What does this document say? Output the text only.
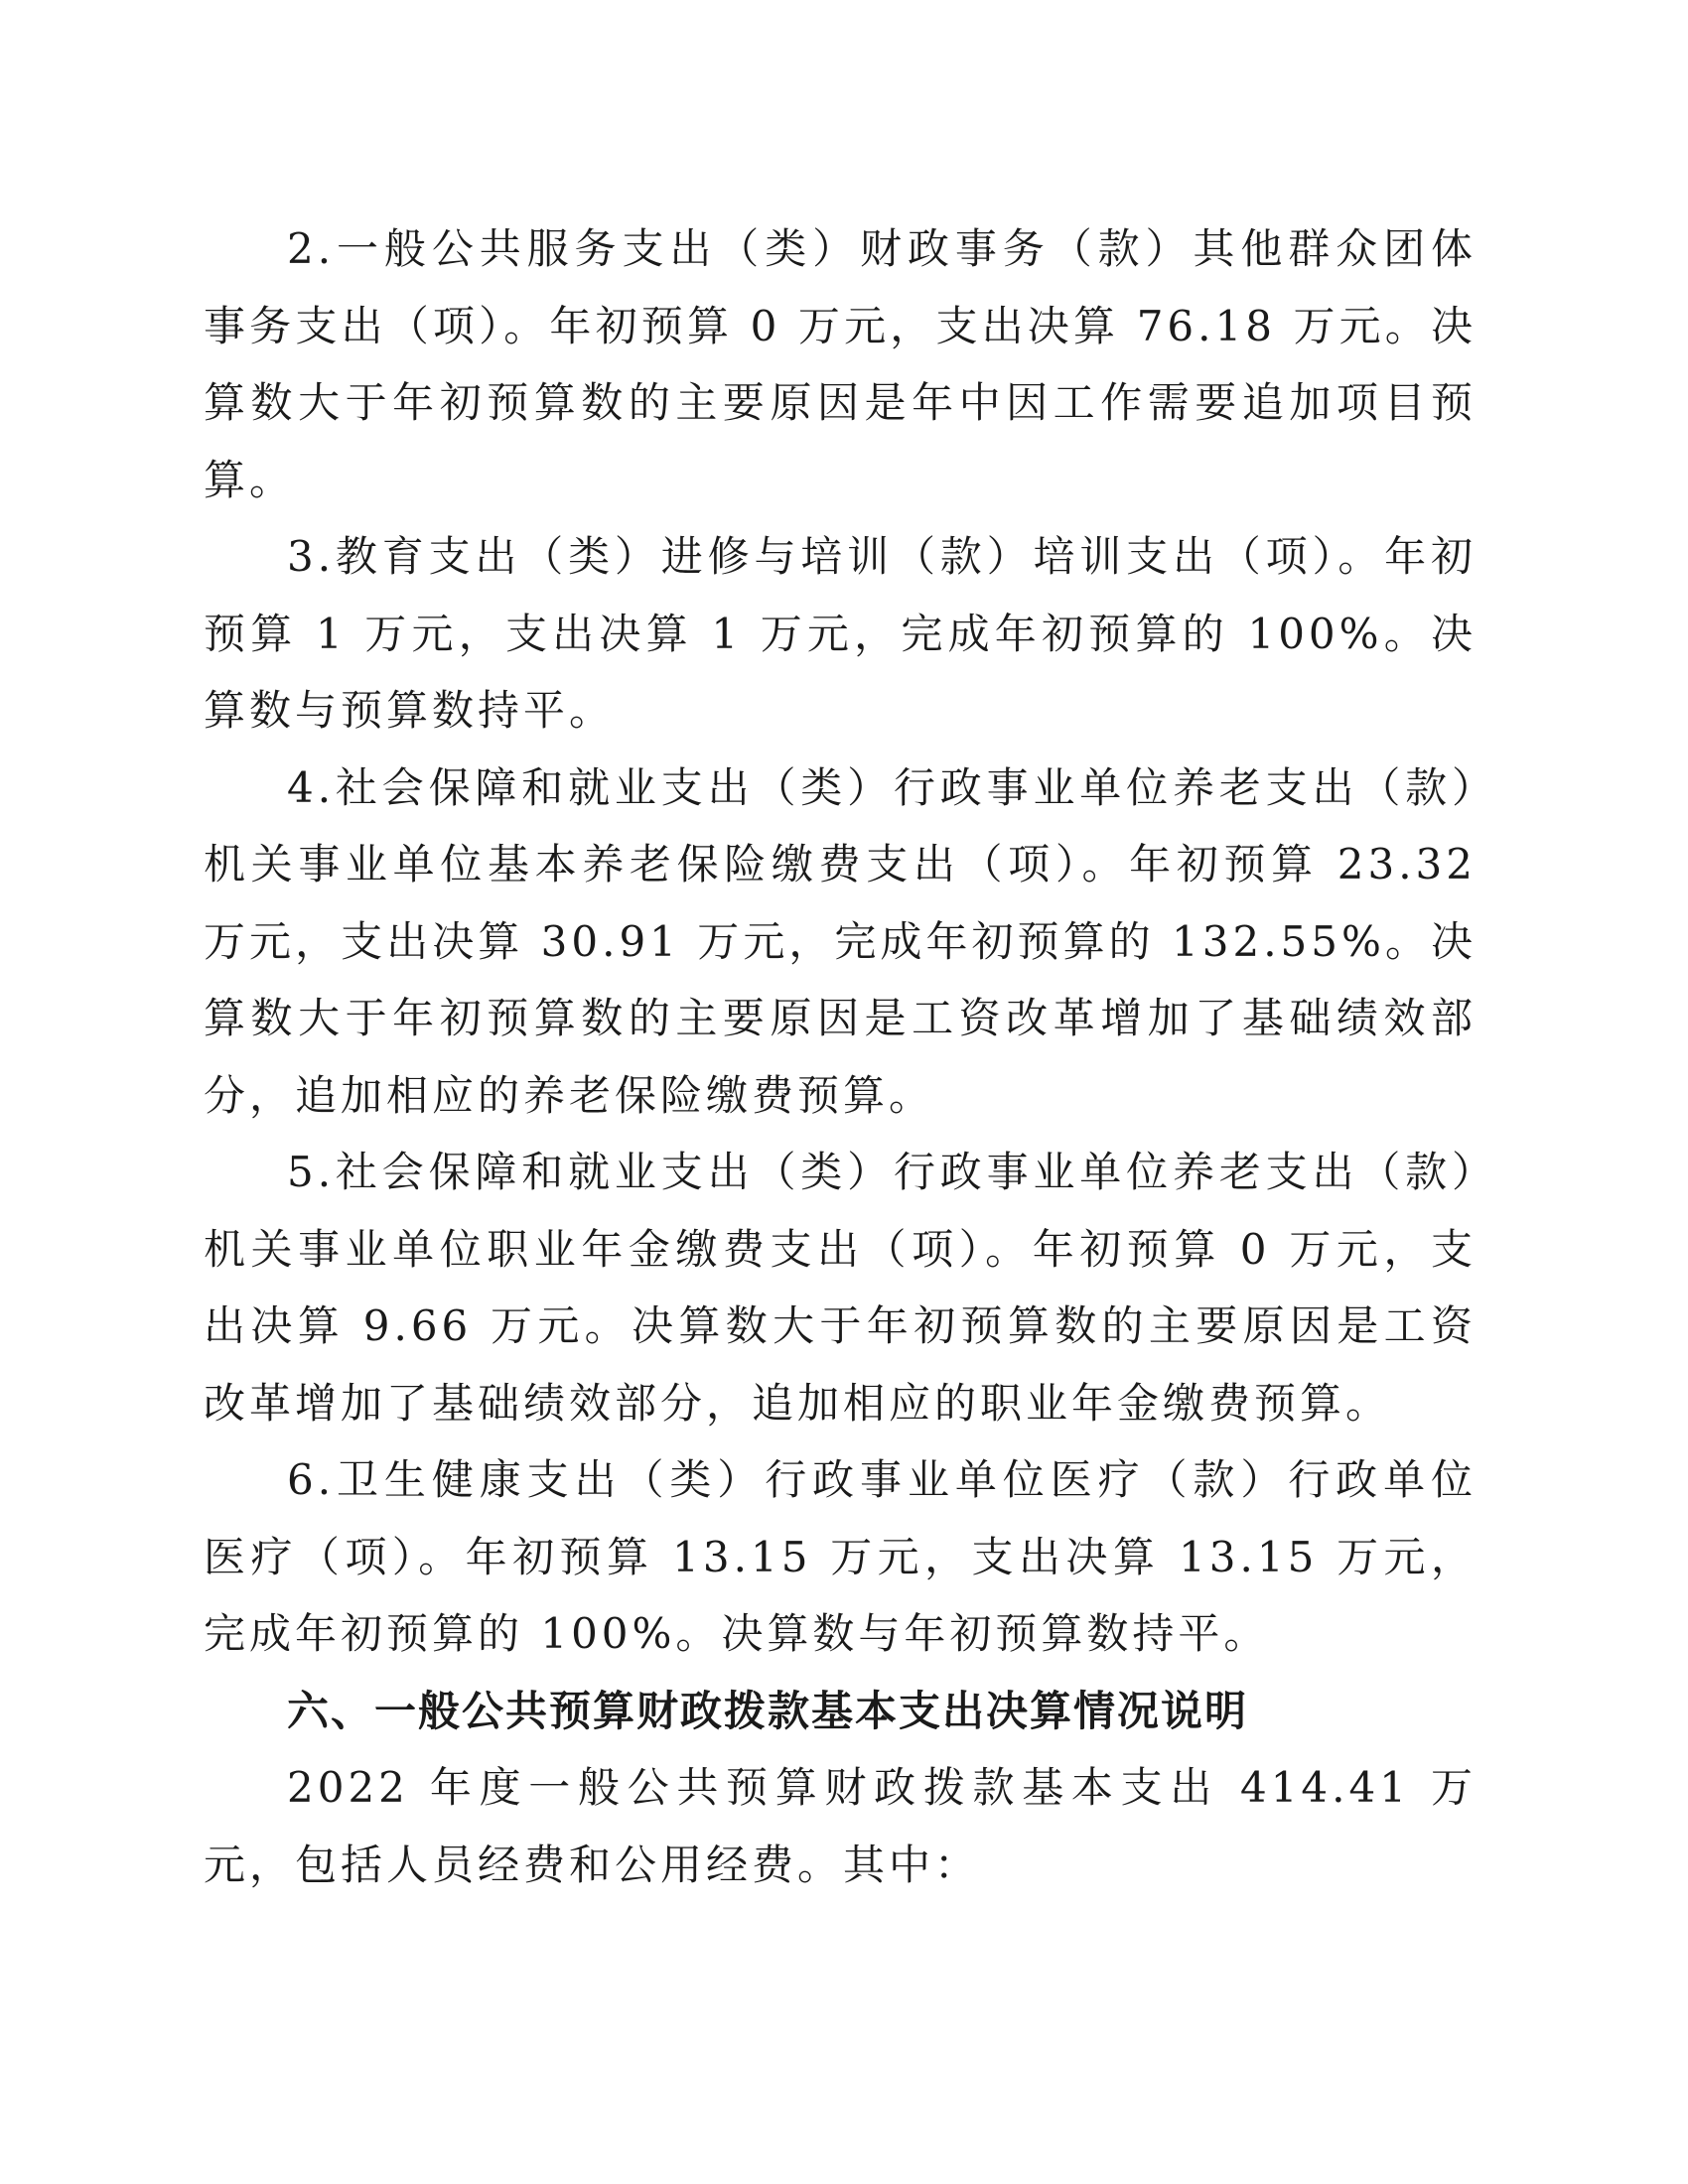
2.一般公共服务支出（类）财政事务（款）其他群众团体事务支出（项）。年初预算 0 万元，支出决算 76.18 万元。决算数大于年初预算数的主要原因是年中因工作需要追加项目预算。

3.教育支出（类）进修与培训（款）培训支出（项）。年初预算 1 万元，支出决算 1 万元，完成年初预算的 100%。决算数与预算数持平。

4.社会保障和就业支出（类）行政事业单位养老支出（款）机关事业单位基本养老保险缴费支出（项）。年初预算 23.32 万元，支出决算 30.91 万元，完成年初预算的 132.55%。决算数大于年初预算数的主要原因是工资改革增加了基础绩效部分，追加相应的养老保险缴费预算。

5.社会保障和就业支出（类）行政事业单位养老支出（款）机关事业单位职业年金缴费支出（项）。年初预算 0 万元，支出决算 9.66 万元。决算数大于年初预算数的主要原因是工资改革增加了基础绩效部分，追加相应的职业年金缴费预算。

6.卫生健康支出（类）行政事业单位医疗（款）行政单位医疗（项）。年初预算 13.15 万元，支出决算 13.15 万元，完成年初预算的 100%。决算数与年初预算数持平。

六、一般公共预算财政拨款基本支出决算情况说明

2022 年度一般公共预算财政拨款基本支出 414.41 万元，包括人员经费和公用经费。其中：
